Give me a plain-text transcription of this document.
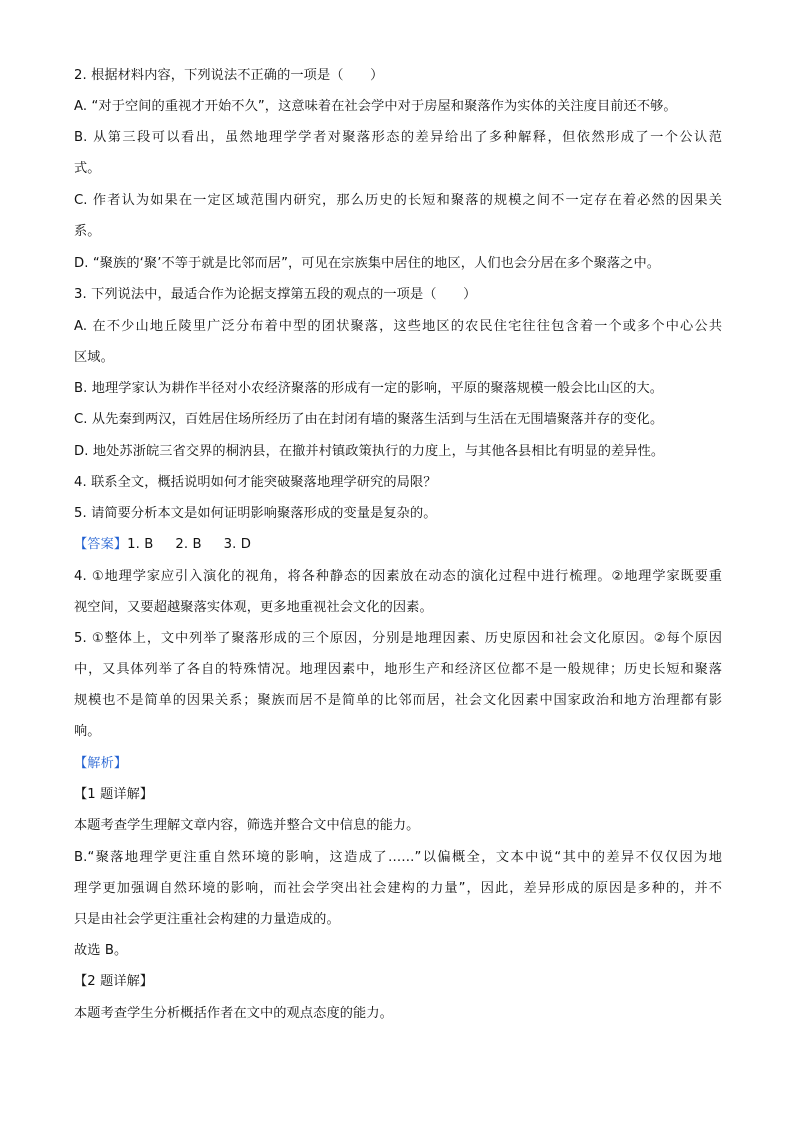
2. 根据材料内容，下列说法不正确的一项是（　　）
A. “对于空间的重视才开始不久”，这意味着在社会学中对于房屋和聚落作为实体的关注度目前还不够。
B. 从第三段可以看出，虽然地理学学者对聚落形态的差异给出了多种解释，但依然形成了一个公认范
式。
C. 作者认为如果在一定区域范围内研究，那么历史的长短和聚落的规模之间不一定存在着必然的因果关
系。
D. “聚族的‘聚’不等于就是比邻而居”，可见在宗族集中居住的地区，人们也会分居在多个聚落之中。
3. 下列说法中，最适合作为论据支撑第五段的观点的一项是（　　）
A. 在不少山地丘陵里广泛分布着中型的团状聚落，这些地区的农民住宅往往包含着一个或多个中心公共
区域。
B. 地理学家认为耕作半径对小农经济聚落的形成有一定的影响，平原的聚落规模一般会比山区的大。
C. 从先秦到两汉，百姓居住场所经历了由在封闭有墙的聚落生活到与生活在无围墙聚落并存的变化。
D. 地处苏浙皖三省交界的桐汭县，在撤并村镇政策执行的力度上，与其他各县相比有明显的差异性。
4. 联系全文，概括说明如何才能突破聚落地理学研究的局限？
5. 请简要分析本文是如何证明影响聚落形成的变量是复杂的。
【答案】1. B 2. B 3. D
4. ①地理学家应引入演化的视角，将各种静态的因素放在动态的演化过程中进行梳理。②地理学家既要重
视空间，又要超越聚落实体观，更多地重视社会文化的因素。
5. ①整体上，文中列举了聚落形成的三个原因，分别是地理因素、历史原因和社会文化原因。②每个原因
中，又具体列举了各自的特殊情况。地理因素中，地形生产和经济区位都不是一般规律；历史长短和聚落
规模也不是简单的因果关系；聚族而居不是简单的比邻而居，社会文化因素中国家政治和地方治理都有影
响。
【解析】
【1 题详解】
本题考查学生理解文章内容，筛选并整合文中信息的能力。
B.“聚落地理学更注重自然环境的影响，这造成了……”以偏概全，文本中说“其中的差异不仅仅因为地
理学更加强调自然环境的影响，而社会学突出社会建构的力量”，因此，差异形成的原因是多种的，并不
只是由社会学更注重社会构建的力量造成的。
故选 B。
【2 题详解】
本题考查学生分析概括作者在文中的观点态度的能力。
